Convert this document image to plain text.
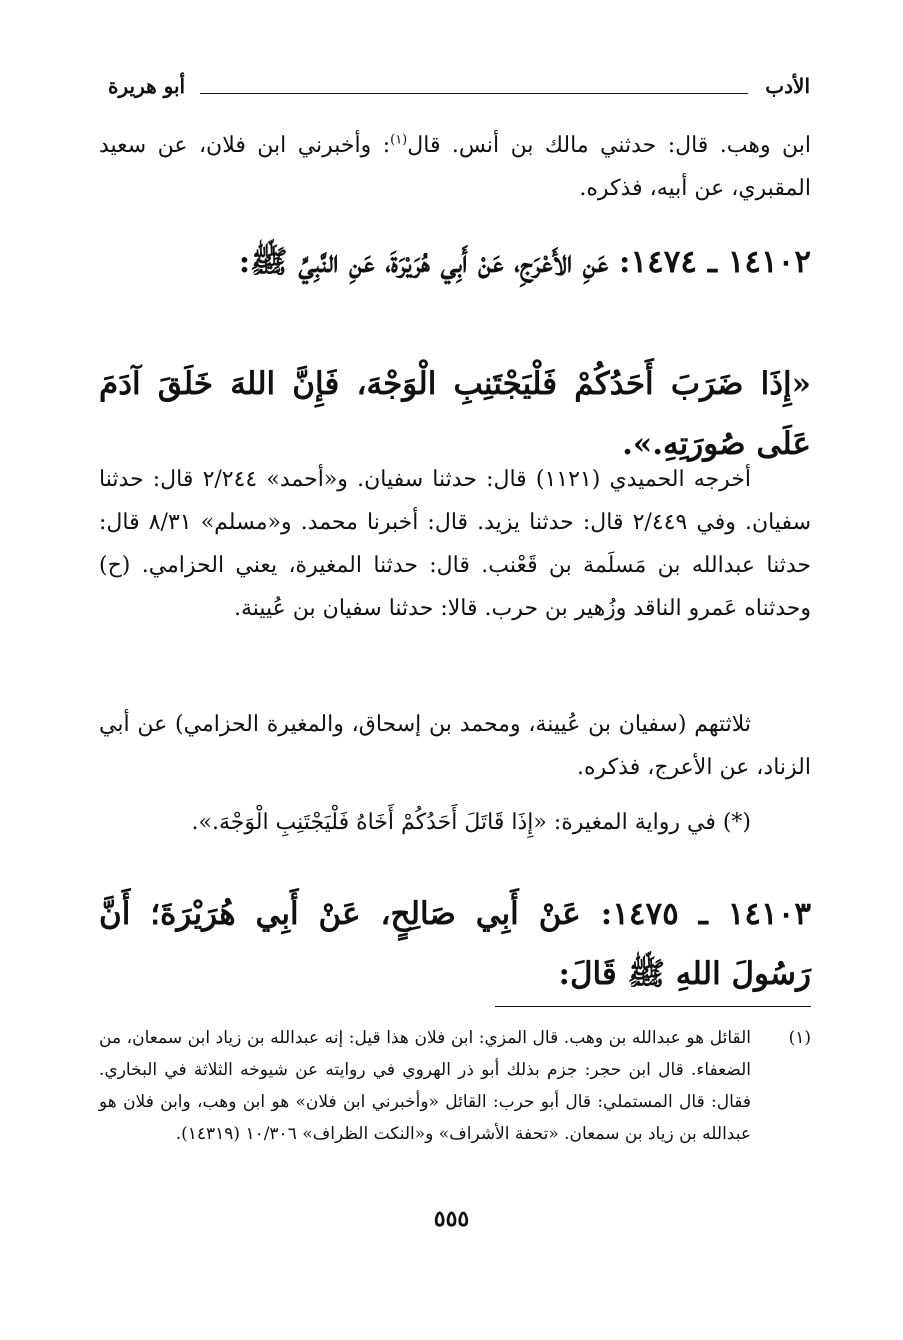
الأدب
أبو هريرة
ابن وهب. قال: حدثني مالك بن أنس. قال$^{(١)}$: وأخبرني ابن فلان، عن سعيد المقبري، عن أبيه، فذكره.
١٤١٠٢ ـ ١٤٧٤: عَنِ الأَعْرَجِ، عَنْ أَبِي هُرَيْرَةَ، عَنِ النَّبِيِّ ﷺ:
«إِذَا ضَرَبَ أَحَدُكُمْ فَلْيَجْتَنِبِ الْوَجْهَ، فَإِنَّ اللهَ خَلَقَ آدَمَ عَلَى صُورَتِهِ.».
أخرجه الحميدي (١١٢١) قال: حدثنا سفيان. و«أحمد» ٢/٢٤٤ قال: حدثنا سفيان. وفي ٢/٤٤٩ قال: حدثنا يزيد. قال: أخبرنا محمد. و«مسلم» ٨/٣١ قال: حدثنا عبدالله بن مَسلَمة بن قَعْنب. قال: حدثنا المغيرة، يعني الحزامي. (ح) وحدثناه عَمرو الناقد وزُهير بن حرب. قالا: حدثنا سفيان بن عُيينة.
ثلاثتهم (سفيان بن عُيينة، ومحمد بن إسحاق، والمغيرة الحزامي) عن أبي الزناد، عن الأعرج، فذكره.
(*) في رواية المغيرة: «إِذَا قَاتَلَ أَحَدُكُمْ أَخَاهُ فَلْيَجْتَنِبِ الْوَجْهَ.».
١٤١٠٣ ـ ١٤٧٥: عَنْ أَبِي صَالِحٍ، عَنْ أَبِي هُرَيْرَةَ؛ أَنَّ رَسُولَ اللهِ ﷺ قَالَ:
(١)
القائل هو عبدالله بن وهب. قال المزي: ابن فلان هذا قيل: إنه عبدالله بن زياد ابن سمعان، من الضعفاء. قال ابن حجر: جزم بذلك أبو ذر الهروي في روايته عن شيوخه الثلاثة في البخاري. فقال: قال المستملي: قال أبو حرب: القائل «وأخبرني ابن فلان» هو ابن وهب، وابن فلان هو عبدالله بن زياد بن سمعان. «تحفة الأشراف» و«النكت الظراف» ١٠/٣٠٦ (١٤٣١٩).
٥٥٥
